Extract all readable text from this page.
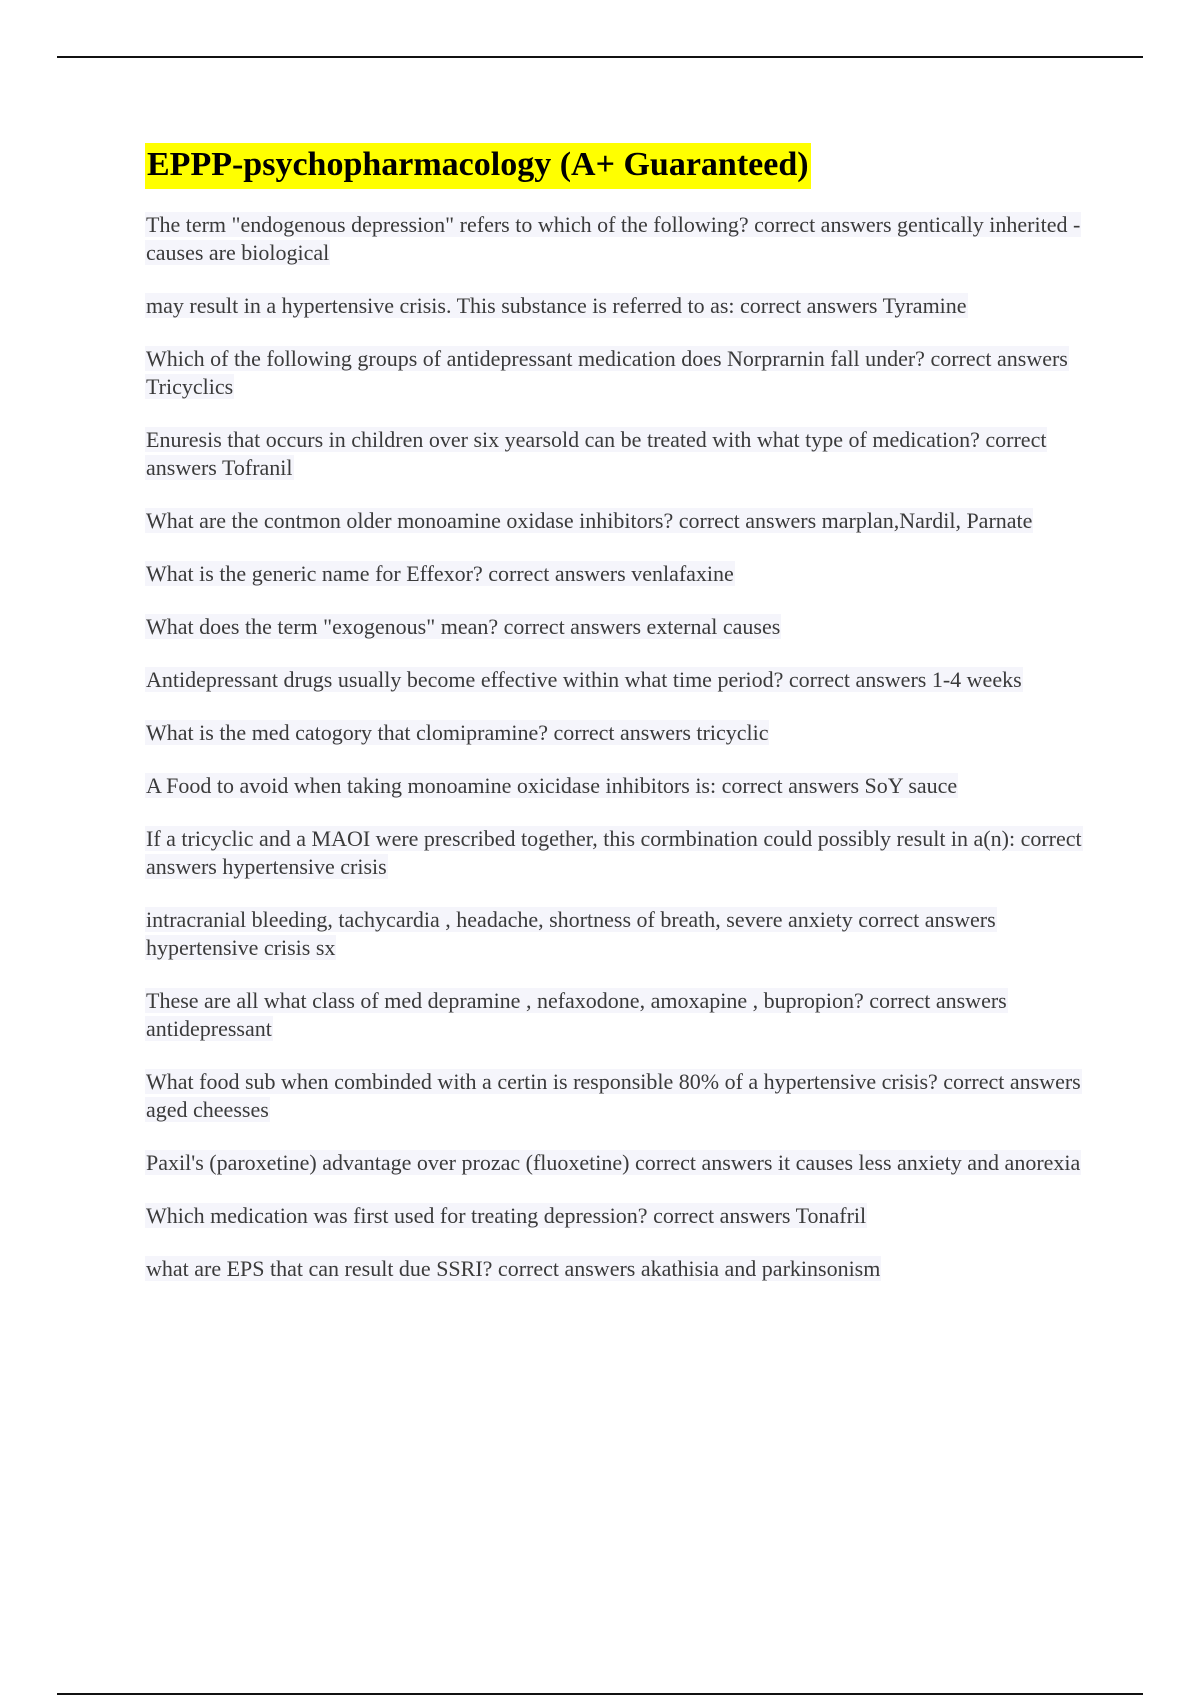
EPPP-psychopharmacology (A+ Guaranteed)
The term "endogenous depression" refers to which of the following? correct answers gentically inherited - causes are biological
may result in a hypertensive crisis. This substance is referred to as: correct answers Tyramine
Which of the following groups of antidepressant medication does Norprarnin fall under? correct answers Tricyclics
Enuresis that occurs in children over six yearsold can be treated with what type of medication? correct answers Tofranil
What are the contmon older monoamine oxidase inhibitors? correct answers marplan,Nardil, Parnate
What is the generic name for Effexor? correct answers venlafaxine
What does the term "exogenous" mean? correct answers external causes
Antidepressant drugs usually become effective within what time period? correct answers 1-4 weeks
What is the med catogory that clomipramine? correct answers tricyclic
A Food to avoid when taking monoamine oxicidase inhibitors is: correct answers SoY sauce
If a tricyclic and a MAOI were prescribed together, this cormbination could possibly result in a(n): correct answers hypertensive crisis
intracranial bleeding, tachycardia , headache, shortness of breath, severe anxiety correct answers hypertensive crisis sx
These are all what class of med depramine , nefaxodone, amoxapine , bupropion? correct answers antidepressant
What food sub when combinded with a certin is responsible 80% of a hypertensive crisis? correct answers aged cheesses
Paxil's (paroxetine) advantage over prozac (fluoxetine) correct answers it causes less anxiety and anorexia
Which medication was first used for treating depression? correct answers Tonafril
what are EPS that can result due SSRI? correct answers akathisia and parkinsonism
